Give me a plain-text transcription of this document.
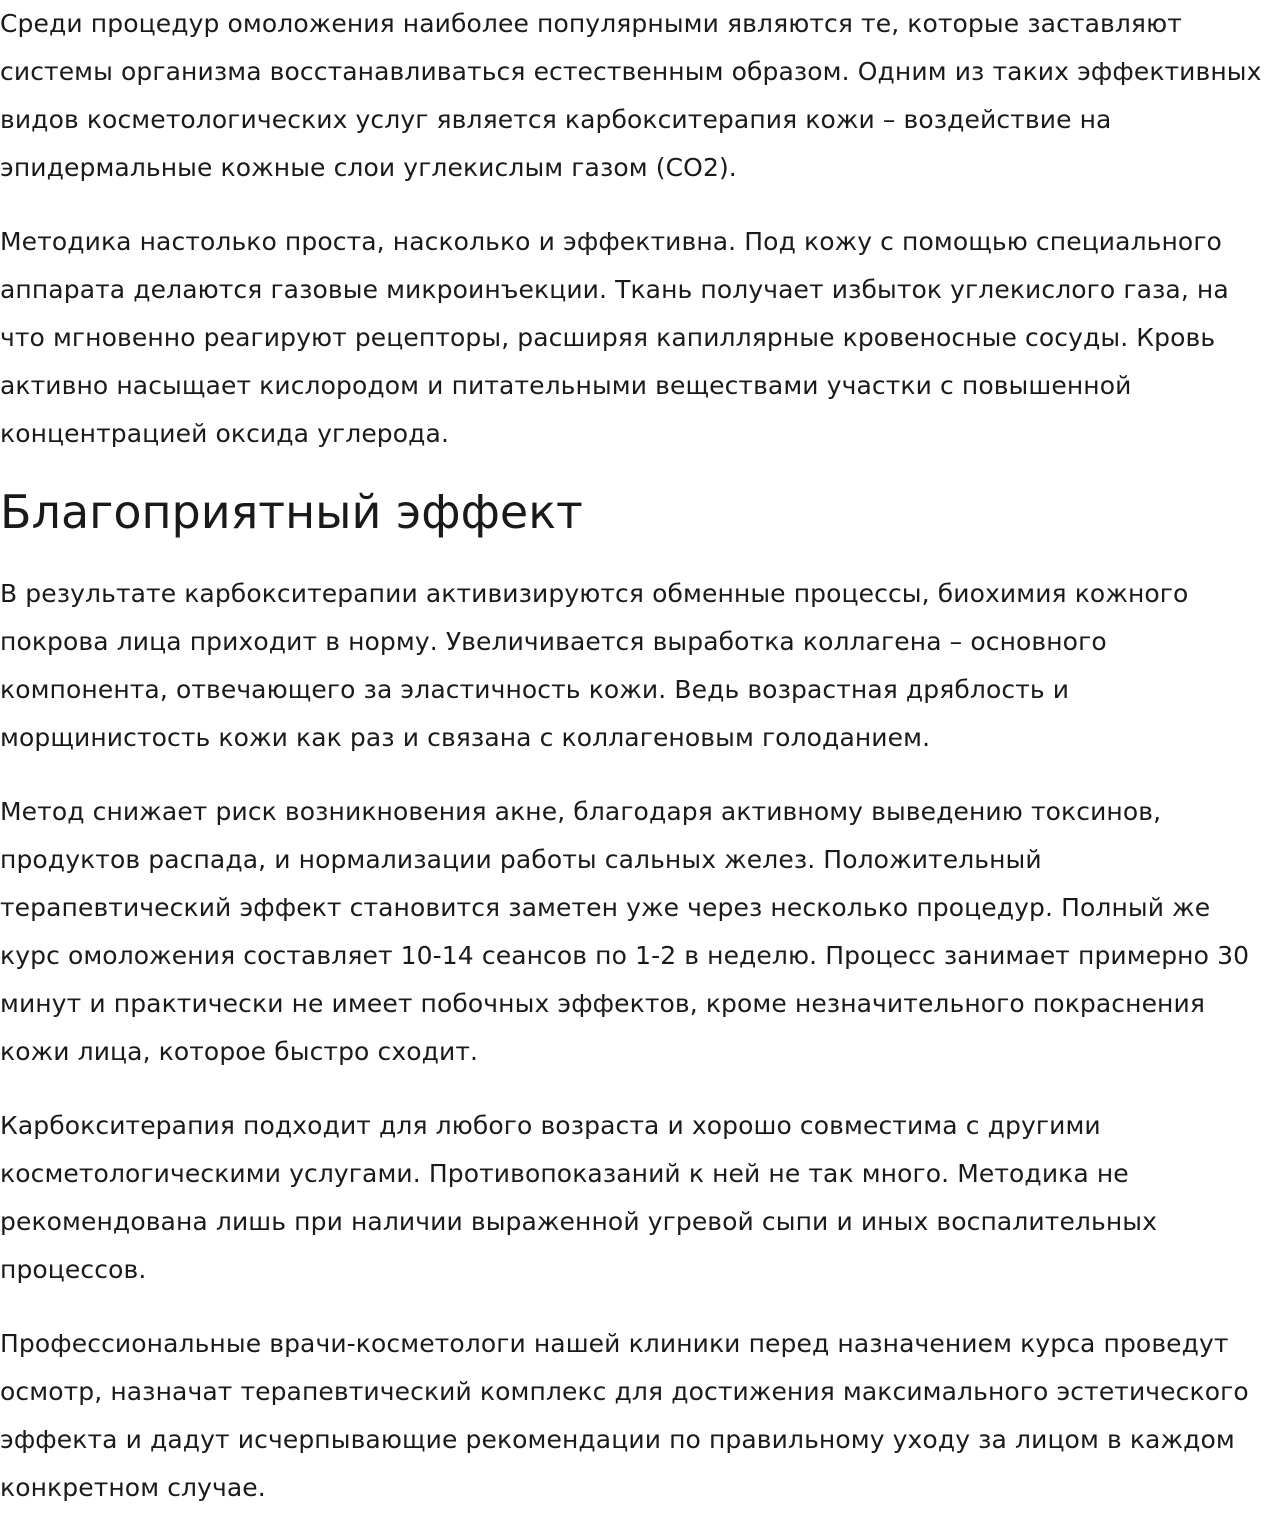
Среди процедур омоложения наиболее популярными являются те, которые заставляют системы организма восстанавливаться естественным образом. Одним из таких эффективных видов косметологических услуг является карбокситерапия кожи – воздействие на эпидермальные кожные слои углекислым газом (CO2).

Методика настолько проста, насколько и эффективна. Под кожу с помощью специального аппарата делаются газовые микроинъекции. Ткань получает избыток углекислого газа, на что мгновенно реагируют рецепторы, расширяя капиллярные кровеносные сосуды. Кровь активно насыщает кислородом и питательными веществами участки с повышенной концентрацией оксида углерода.

Благоприятный эффект

В результате карбокситерапии активизируются обменные процессы, биохимия кожного покрова лица приходит в норму. Увеличивается выработка коллагена – основного компонента, отвечающего за эластичность кожи. Ведь возрастная дряблость и морщинистость кожи как раз и связана с коллагеновым голоданием.

Метод снижает риск возникновения акне, благодаря активному выведению токсинов, продуктов распада, и нормализации работы сальных желез. Положительный терапевтический эффект становится заметен уже через несколько процедур. Полный же курс омоложения составляет 10-14 сеансов по 1-2 в неделю. Процесс занимает примерно 30 минут и практически не имеет побочных эффектов, кроме незначительного покраснения кожи лица, которое быстро сходит.

Карбокситерапия подходит для любого возраста и хорошо совместима с другими косметологическими услугами. Противопоказаний к ней не так много. Методика не рекомендована лишь при наличии выраженной угревой сыпи и иных воспалительных процессов.

Профессиональные врачи-косметологи нашей клиники перед назначением курса проведут осмотр, назначат терапевтический комплекс для достижения максимального эстетического эффекта и дадут исчерпывающие рекомендации по правильному уходу за лицом в каждом конкретном случае.
